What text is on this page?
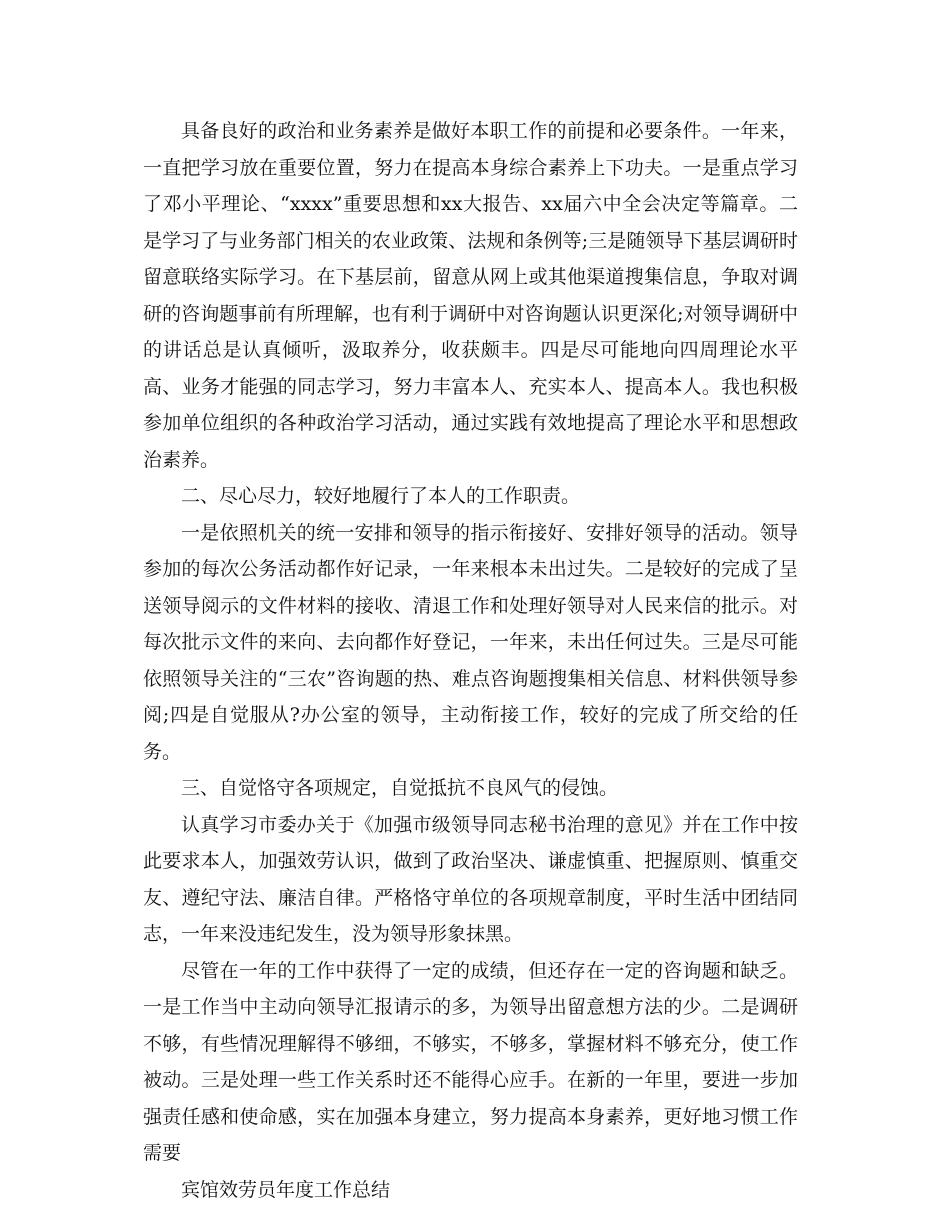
具备良好的政治和业务素养是做好本职工作的前提和必要条件。一年来，一直把学习放在重要位置，努力在提高本身综合素养上下功夫。一是重点学习了邓小平理论、“xxxx”重要思想和xx大报告、xx届六中全会决定等篇章。二是学习了与业务部门相关的农业政策、法规和条例等;三是随领导下基层调研时留意联络实际学习。在下基层前，留意从网上或其他渠道搜集信息，争取对调研的咨询题事前有所理解，也有利于调研中对咨询题认识更深化;对领导调研中的讲话总是认真倾听，汲取养分，收获颇丰。四是尽可能地向四周理论水平高、业务才能强的同志学习，努力丰富本人、充实本人、提高本人。我也积极参加单位组织的各种政治学习活动，通过实践有效地提高了理论水平和思想政治素养。

二、尽心尽力，较好地履行了本人的工作职责。

一是依照机关的统一安排和领导的指示衔接好、安排好领导的活动。领导参加的每次公务活动都作好记录，一年来根本未出过失。二是较好的完成了呈送领导阅示的文件材料的接收、清退工作和处理好领导对人民来信的批示。对每次批示文件的来向、去向都作好登记，一年来，未出任何过失。三是尽可能依照领导关注的“三农”咨询题的热、难点咨询题搜集相关信息、材料供领导参阅;四是自觉服从?办公室的领导，主动衔接工作，较好的完成了所交给的任务。

三、自觉恪守各项规定，自觉抵抗不良风气的侵蚀。

认真学习市委办关于《加强市级领导同志秘书治理的意见》并在工作中按此要求本人，加强效劳认识，做到了政治坚决、谦虚慎重、把握原则、慎重交友、遵纪守法、廉洁自律。严格恪守单位的各项规章制度，平时生活中团结同志，一年来没违纪发生，没为领导形象抹黑。

尽管在一年的工作中获得了一定的成绩，但还存在一定的咨询题和缺乏。一是工作当中主动向领导汇报请示的多，为领导出留意想方法的少。二是调研不够，有些情况理解得不够细，不够实，不够多，掌握材料不够充分，使工作被动。三是处理一些工作关系时还不能得心应手。在新的一年里，要进一步加强责任感和使命感，实在加强本身建立，努力提高本身素养，更好地习惯工作需要

宾馆效劳员年度工作总结
